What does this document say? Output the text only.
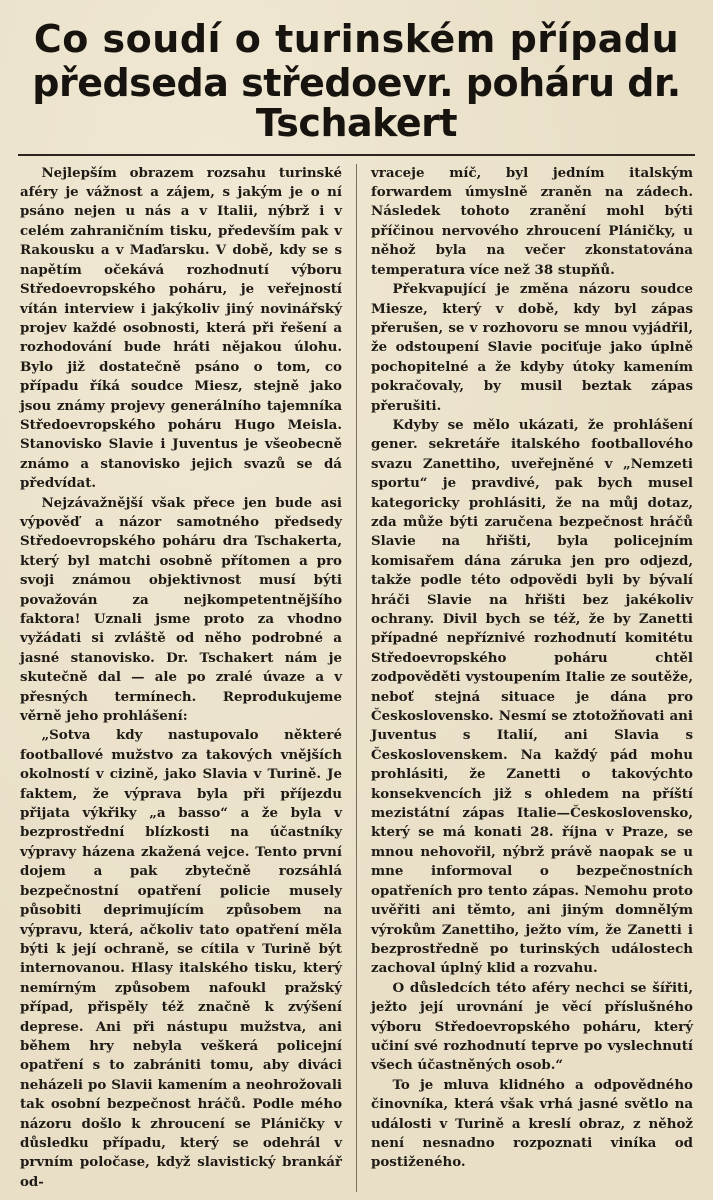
Co soudí o turinském případu
předseda středoevr. poháru dr. Tschakert

Nejlepším obrazem rozsahu turinské aféry je vážnost a zájem, s jakým je o ní psáno nejen u nás a v Italii, nýbrž i v celém zahraničním tisku, především pak v Rakousku a v Maďarsku. V době, kdy se s napětím očekává rozhodnutí výboru Středoevropského poháru, je veřejností vítán interview i jakýkoliv jiný novinářský projev každé osobnosti, která při řešení a rozhodování bude hráti nějakou úlohu. Bylo již dostatečně psáno o tom, co případu říká soudce Miesz, stejně jako jsou známy projevy generálního tajemníka Středoevropského poháru Hugo Meisla. Stanovisko Slavie i Juventus je všeobecně známo a stanovisko jejich svazů se dá předvídat.

Nejzávažnější však přece jen bude asi výpověď a názor samotného předsedy Středoevropského poháru dra Tschakerta, který byl matchi osobně přítomen a pro svoji známou objektivnost musí býti považován za nejkompetentnějšího faktora! Uznali jsme proto za vhodno vyžádati si zvláště od něho podrobné a jasné stanovisko. Dr. Tschakert nám je skutečně dal — ale po zralé úvaze a v přesných termínech. Reprodukujeme věrně jeho prohlášení:

„Sotva kdy nastupovalo některé footballové mužstvo za takových vnějších okolností v cizině, jako Slavia v Turině. Je faktem, že výprava byla při příjezdu přijata výkřiky „a basso“ a že byla v bezprostřední blízkosti na účastníky výpravy házena zkažená vejce. Tento první dojem a pak zbytečně rozsáhlá bezpečnostní opatření policie musely působiti deprimujícím způsobem na výpravu, která, ačkoliv tato opatření měla býti k její ochraně, se cítila v Turině být internovanou. Hlasy italského tisku, který nemírným způsobem nafoukl pražský případ, přispěly též značně k zvýšení depresе. Ani při nástupu mužstva, ani během hry nebyla veškerá policejní opatření s to zabrániti tomu, aby diváci neházeli po Slavii kamením a neohrožovali tak osobní bezpečnost hráčů. Podle mého názoru došlo k zhroucení se Pláničky v důsledku případu, který se odehrál v prvním poločase, když slavistický brankář od-

vraceje míč, byl jedním italským forwardem úmyslně zraněn na zádech. Následek tohoto zranění mohl býti příčinou nervového zhroucení Pláničky, u něhož byla na večer zkonstatována temperatura více než 38 stupňů.

Překvapující je změna názoru soudce Miesze, který v době, kdy byl zápas přerušen, se v rozhovoru se mnou vyjádřil, že odstoupení Slavie pociťuje jako úplně pochopitelné a že kdyby útoky kamením pokračovaly, by musil beztak zápas přerušiti.

Kdyby se mělo ukázati, že prohlášení gener. sekretáře italského footballového svazu Zanettiho, uveřejněné v „Nemzeti sportu“ je pravdivé, pak bych musel kategoricky prohlásiti, že na můj dotaz, zda může býti zaručena bezpečnost hráčů Slavie na hřišti, byla policejním komisařem dána záruka jen pro odjezd, takže podle této odpovědi byli by bývalí hráči Slavie na hřišti bez jakékoliv ochrany. Divil bych se též, že by Zanetti případné nepříznivé rozhodnutí komitétu Středoevropského poháru chtěl zodpověděti vystoupením Italie ze soutěže, neboť stejná situace je dána pro Československo. Nesmí se ztotožňovati ani Juventus s Italií, ani Slavia s Československem. Na každý pád mohu prohlásiti, že Zanetti o takovýchto konsekvencích již s ohledem na příští mezistátní zápas Italie—Československo, který se má konati 28. října v Praze, se mnou nehovořil, nýbrž právě naopak se u mne informoval o bezpečnostních opatřeních pro tento zápas. Nemohu proto uvěřiti ani těmto, ani jiným domnělým výrokům Zanettiho, ježto vím, že Zanetti i bezprostředně po turinských událostech zachoval úplný klid a rozvahu.

O důsledcích této aféry nechci se šířiti, ježto její urovnání je věcí příslušného výboru Středoevropského poháru, který učiní své rozhodnutí teprve po vyslechnutí všech účastněných osob.“

To je mluva klidného a odpovědného činovníka, která však vrhá jasné světlo na události v Turině a kreslí obraz, z něhož není nesnadno rozpoznati viníka od postiženého.
